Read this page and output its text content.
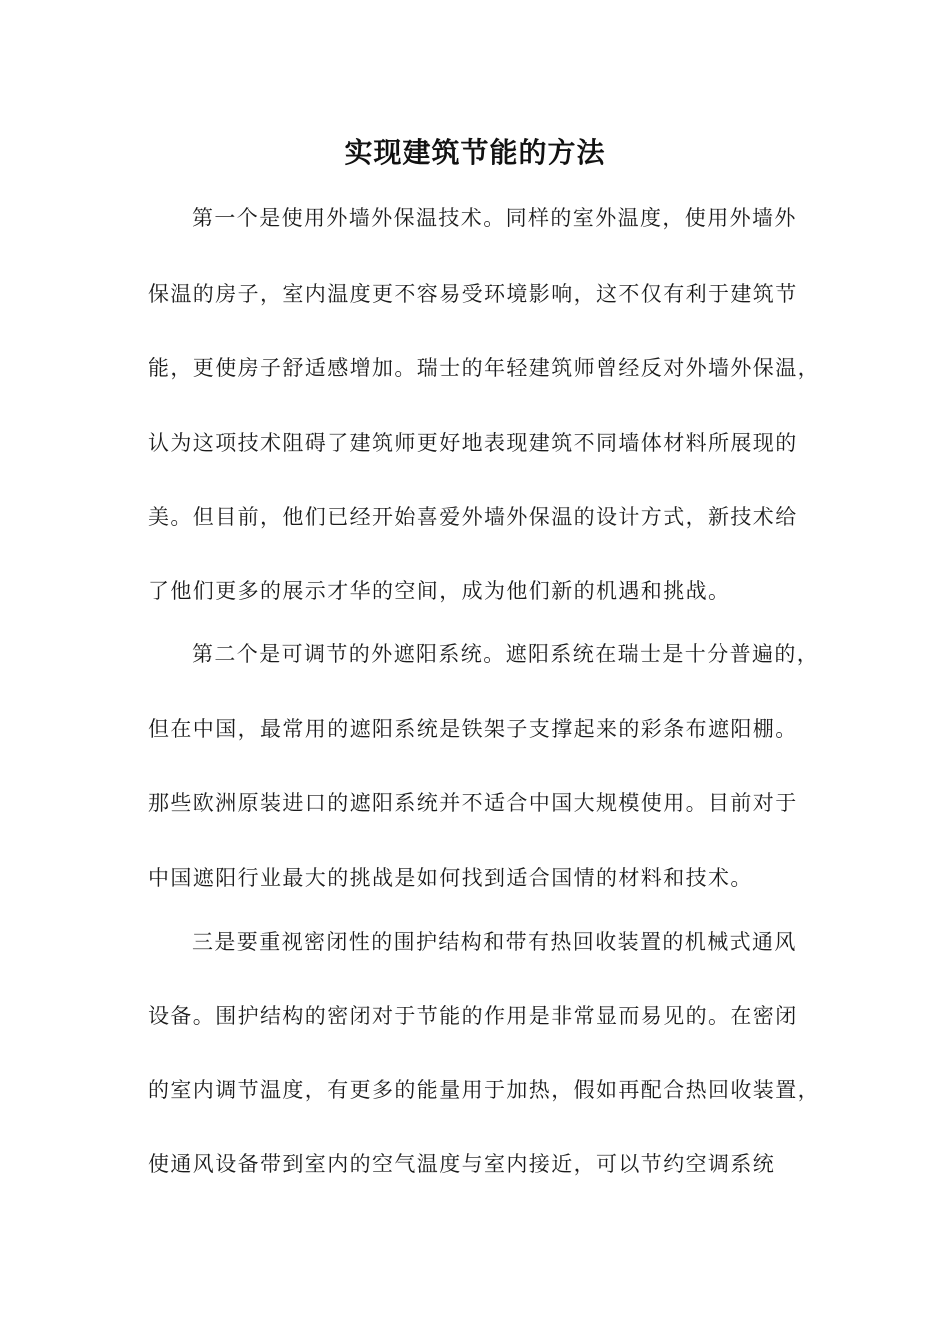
实现建筑节能的方法
第一个是使用外墙外保温技术。同样的室外温度，使用外墙外
保温的房子，室内温度更不容易受环境影响，这不仅有利于建筑节
能，更使房子舒适感增加。瑞士的年轻建筑师曾经反对外墙外保温，
认为这项技术阻碍了建筑师更好地表现建筑不同墙体材料所展现的
美。但目前，他们已经开始喜爱外墙外保温的设计方式，新技术给
了他们更多的展示才华的空间，成为他们新的机遇和挑战。
第二个是可调节的外遮阳系统。遮阳系统在瑞士是十分普遍的，
但在中国，最常用的遮阳系统是铁架子支撑起来的彩条布遮阳棚。
那些欧洲原装进口的遮阳系统并不适合中国大规模使用。目前对于
中国遮阳行业最大的挑战是如何找到适合国情的材料和技术。
三是要重视密闭性的围护结构和带有热回收装置的机械式通风
设备。围护结构的密闭对于节能的作用是非常显而易见的。在密闭
的室内调节温度，有更多的能量用于加热，假如再配合热回收装置，
使通风设备带到室内的空气温度与室内接近，可以节约空调系统
